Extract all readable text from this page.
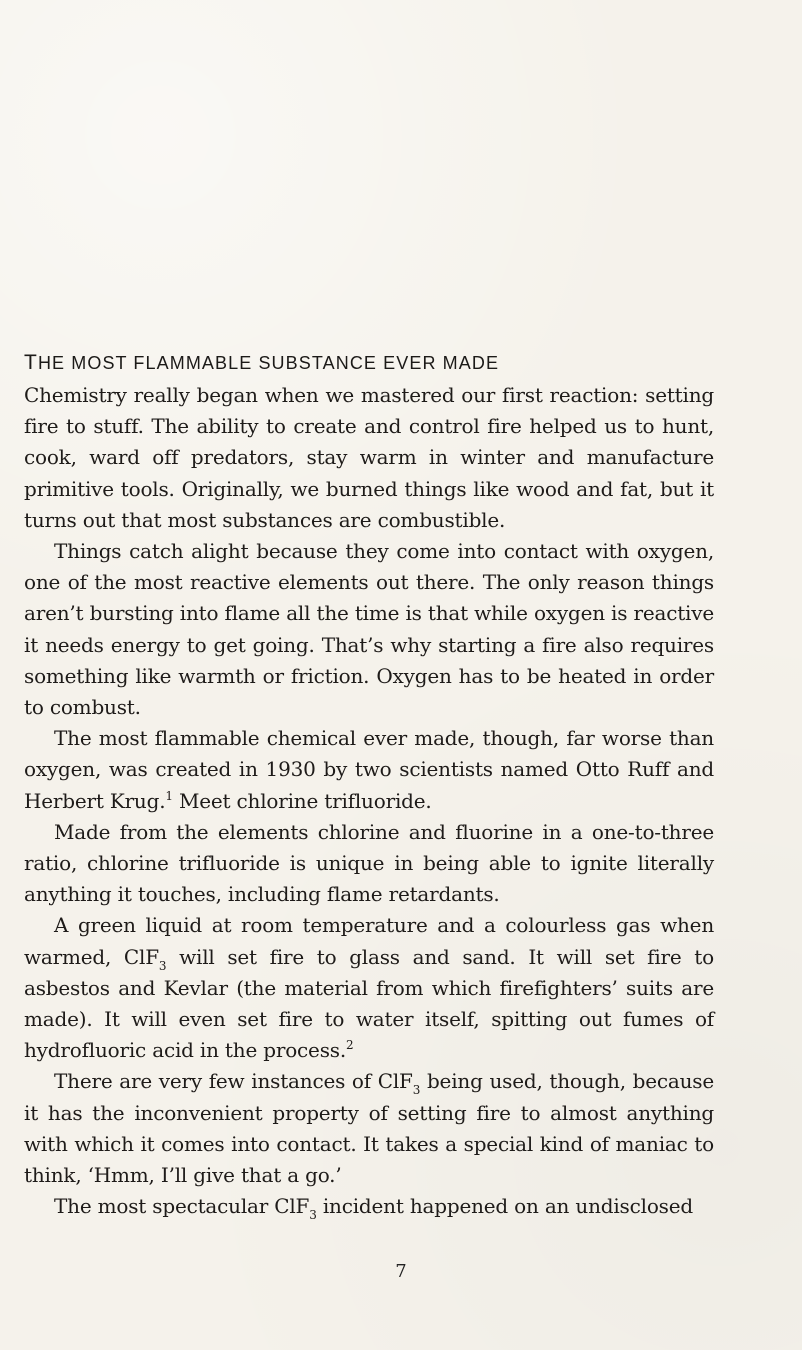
THE MOST FLAMMABLE SUBSTANCE EVER MADE

Chemistry really began when we mastered our first reaction: setting fire to stuff. The ability to create and control fire helped us to hunt, cook, ward off predators, stay warm in winter and manufacture primitive tools. Originally, we burned things like wood and fat, but it turns out that most substances are combustible.

Things catch alight because they come into contact with oxygen, one of the most reactive elements out there. The only reason things aren’t bursting into flame all the time is that while oxygen is reactive it needs energy to get going. That’s why starting a fire also requires something like warmth or friction. Oxygen has to be heated in order to combust.

The most flammable chemical ever made, though, far worse than oxygen, was created in 1930 by two scientists named Otto Ruff and Herbert Krug.$^1$ Meet chlorine trifluoride.

Made from the elements chlorine and fluorine in a one-to-three ratio, chlorine trifluoride is unique in being able to ignite literally anything it touches, including flame retardants.

A green liquid at room temperature and a colourless gas when warmed, ClF$_3$ will set fire to glass and sand. It will set fire to asbestos and Kevlar (the material from which firefighters’ suits are made). It will even set fire to water itself, spitting out fumes of hydrofluoric acid in the process.$^2$

There are very few instances of ClF$_3$ being used, though, because it has the inconvenient property of setting fire to almost anything with which it comes into contact. It takes a special kind of maniac to think, ‘Hmm, I’ll give that a go.’

The most spectacular ClF$_3$ incident happened on an undisclosed

7
